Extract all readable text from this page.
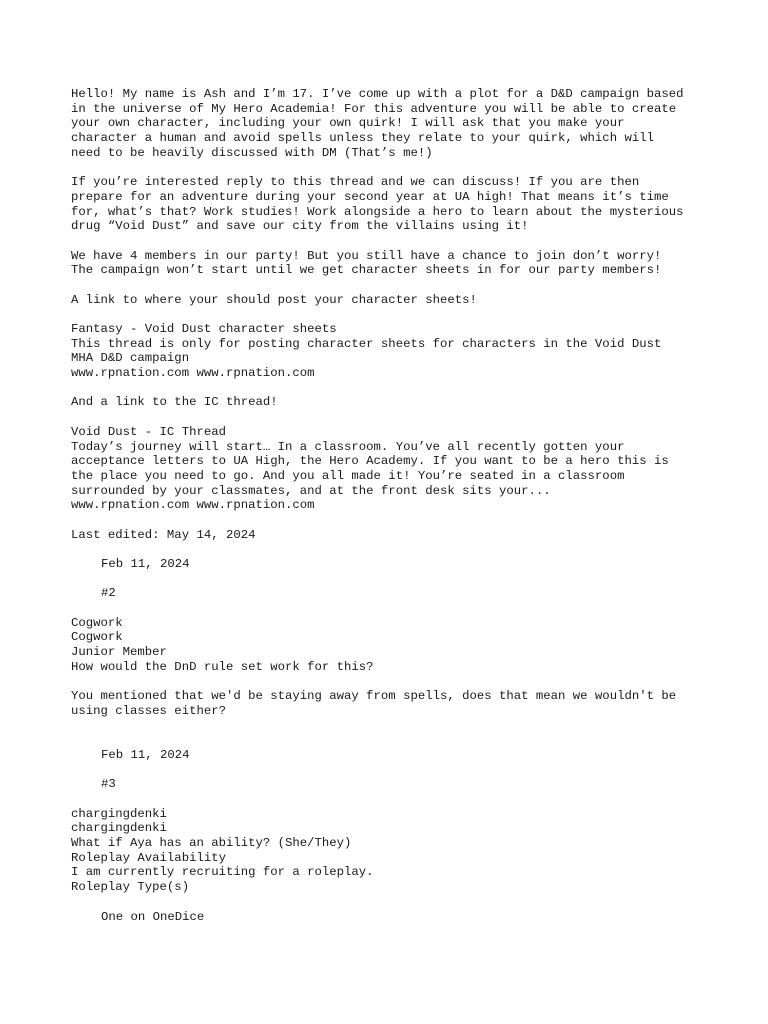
Hello! My name is Ash and I’m 17. I’ve come up with a plot for a D&D campaign based
in the universe of My Hero Academia! For this adventure you will be able to create
your own character, including your own quirk! I will ask that you make your
character a human and avoid spells unless they relate to your quirk, which will
need to be heavily discussed with DM (That’s me!)
If you’re interested reply to this thread and we can discuss! If you are then
prepare for an adventure during your second year at UA high! That means it’s time
for, what’s that? Work studies! Work alongside a hero to learn about the mysterious
drug “Void Dust” and save our city from the villains using it!
We have 4 members in our party! But you still have a chance to join don’t worry!
The campaign won’t start until we get character sheets in for our party members!
A link to where your should post your character sheets!
Fantasy - Void Dust character sheets
This thread is only for posting character sheets for characters in the Void Dust
MHA D&D campaign
www.rpnation.com www.rpnation.com
And a link to the IC thread!
Void Dust - IC Thread
Today’s journey will start… In a classroom. You’ve all recently gotten your
acceptance letters to UA High, the Hero Academy. If you want to be a hero this is
the place you need to go. And you all made it! You’re seated in a classroom
surrounded by your classmates, and at the front desk sits your...
www.rpnation.com www.rpnation.com
Last edited: May 14, 2024
Feb 11, 2024
#2
Cogwork
Cogwork
Junior Member
How would the DnD rule set work for this?
You mentioned that we'd be staying away from spells, does that mean we wouldn't be
using classes either?
Feb 11, 2024
#3
chargingdenki
chargingdenki
What if Aya has an ability? (She/They)
Roleplay Availability
I am currently recruiting for a roleplay.
Roleplay Type(s)
One on OneDice
